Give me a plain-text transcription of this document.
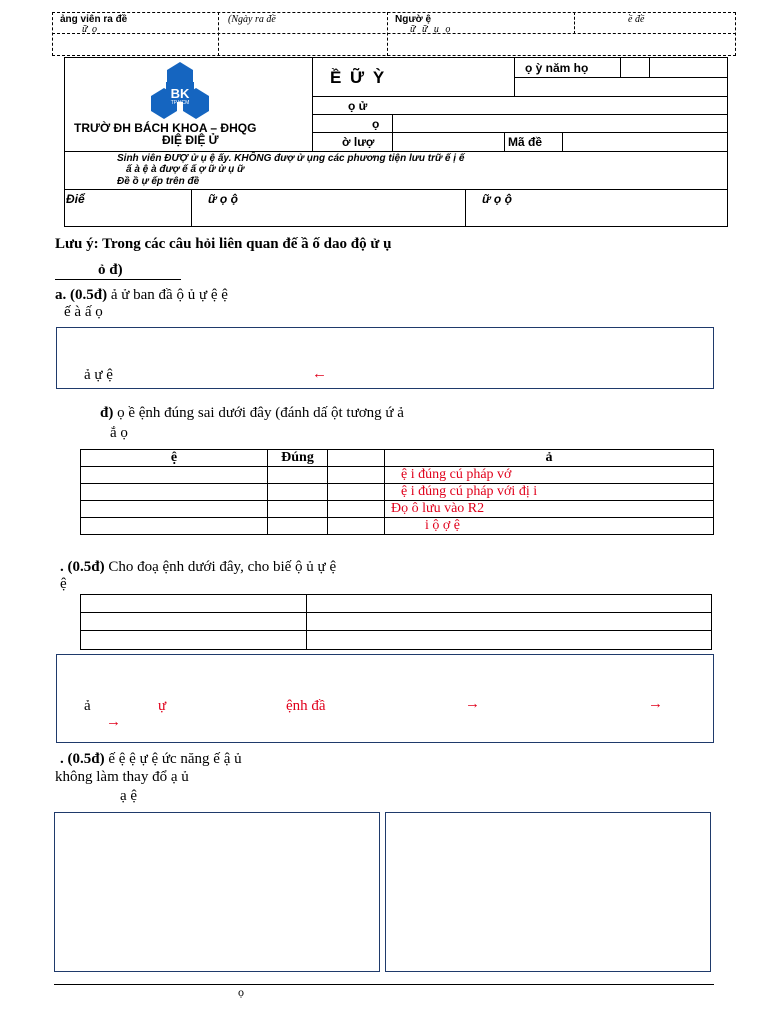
ảng viên ra đề
ữ ọ
(Ngày ra đề	Ngườ ệ	ề đề
ữ ữ ụ ọ
BK
TP.HCM
TRƯỜ ĐH BÁCH KHOA – ĐHQG
ĐIỆ ĐIỆ Ử
Ề Ữ Ỳ	ọ ỳ năm họ
ọ ử
ọ
ờ lượ	Mã đề
Sinh viên ĐƯỢ ử ụ ệ ấy. KHÔNG đượ ử ụng các phương tiện lưu trữ ế ị ế
ấ à ệ à đượ ế ấ ợ ữ ử ụ ữ
Đề ồ ự ếp trên đề
Điể	ữ ọ ộ	ữ ọ ộ
Lưu ý: Trong các câu hỏi liên quan đế ầ ố dao độ ử ụ
ỏ đ)
a. (0.5đ) ả ử ban đầ ộ ủ ự ệ ệ
ế à ấ ọ
ả ự ệ	←
đ) ọ ề ệnh đúng sai dưới đây (đánh dấ ột tương ứ ả
ắ ọ
ệ	Đúng		ả
			ệ i đúng cú pháp vớ
			ệ i đúng cú pháp với đị i
			Đọ ô lưu vào R2
			i ộ ợ ệ
. (0.5đ) Cho đoạ ệnh dưới đây, cho biế ộ ủ ự ệ
ệ
ả	ự	ệnh đầ	→	→
→
. (0.5đ) ế ệ ệ ự ệ ức năng ế ậ ủ
không làm thay đổ ạ ủ
ạ ệ
ọ
